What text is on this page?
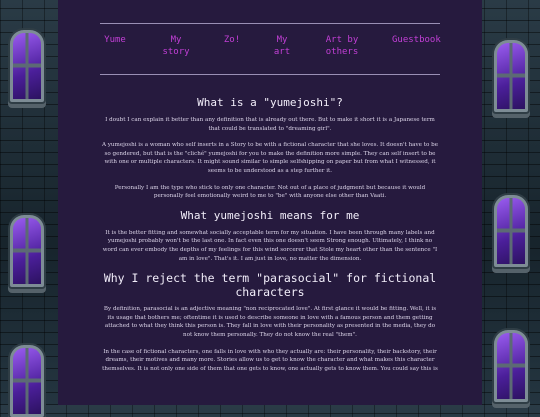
Yume	My story
Zo!	My art
Art by others
Guestbook
What is a "yumejoshi"?

I doubt I can explain it better than any definition that is already out there. But to make it short it is a Japanese term that could be translated to "dreaming girl".

A yumejoshi is a woman who self inserts in a Story to be with a fictional character that she loves. It doesn't have to be so gendered, but that is the "cliché" yumejoshi for you to make the definition more simple. They can self insert to be with one or multiple characters. It might sound similar to simple selfshipping on paper but from what I witnessed, it seems to be understood as a step further it.

Personally I am the type who stick to only one character. Not out of a place of judgment but because it would personally feel emotionally weird to me to "be" with anyone else other than Vaati.

What yumejoshi means for me

It is the better fitting and somewhat socially acceptable term for my situation. I have been through many labels and yumejoshi probably won't be the last one. In fact even this one doesn't seem Strong enough. Ultimately, I think no word can ever embody the depths of my feelings for this wind sorcerer that Stole my heart other than the sentence "I am in love". That's it. I am just in love, no matter the dimension.

Why I reject the term "parasocial" for fictional characters

By definition, parasocial is an adjective meaning "non reciprocated love". At first glance it would be fitting. Well, it is its usage that bothers me; oftentime it is used to describe someone in love with a famous person and them getting attached to what they think this person is. They fall in love with their personality as presented in the media, they do not know them personally. They do not know the real "them".

In the case of fictional characters, one falls in love with who they actually are: their personality, their backstory, their dreams, their motives and many more. Stories allow us to get to know the character and what makes this character themselves. It is not only one side of them that one gets to know, one actually gets to know them. You could say this is
